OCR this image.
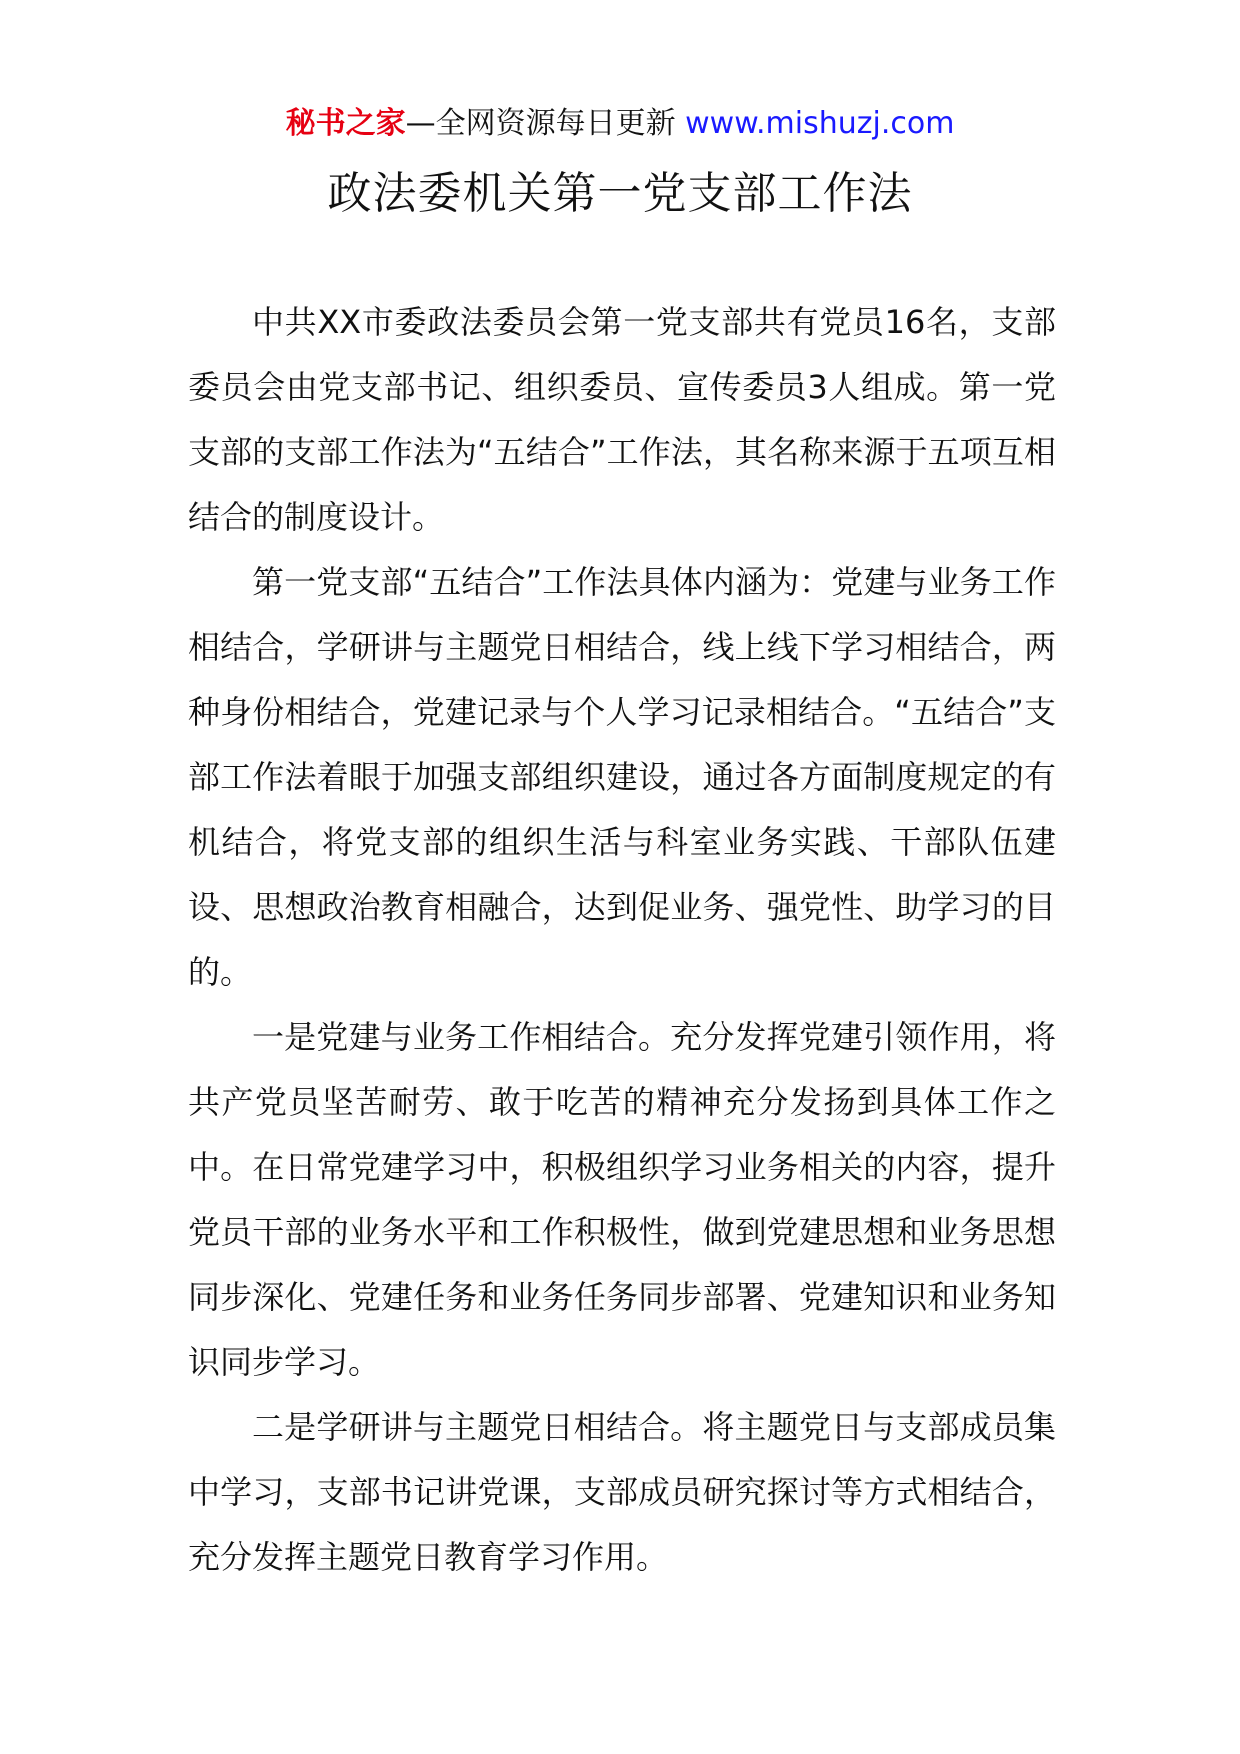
秘书之家—全网资源每日更新 www.mishuzj.com
政法委机关第一党支部工作法

中共XX市委政法委员会第一党支部共有党员16名，支部委员会由党支部书记、组织委员、宣传委员3人组成。第一党支部的支部工作法为“五结合”工作法，其名称来源于五项互相结合的制度设计。

第一党支部“五结合”工作法具体内涵为：党建与业务工作相结合，学研讲与主题党日相结合，线上线下学习相结合，两种身份相结合，党建记录与个人学习记录相结合。“五结合”支部工作法着眼于加强支部组织建设，通过各方面制度规定的有机结合，将党支部的组织生活与科室业务实践、干部队伍建设、思想政治教育相融合，达到促业务、强党性、助学习的目的。

一是党建与业务工作相结合。充分发挥党建引领作用，将共产党员坚苦耐劳、敢于吃苦的精神充分发扬到具体工作之中。在日常党建学习中，积极组织学习业务相关的内容，提升党员干部的业务水平和工作积极性，做到党建思想和业务思想同步深化、党建任务和业务任务同步部署、党建知识和业务知识同步学习。

二是学研讲与主题党日相结合。将主题党日与支部成员集中学习，支部书记讲党课，支部成员研究探讨等方式相结合，充分发挥主题党日教育学习作用。
